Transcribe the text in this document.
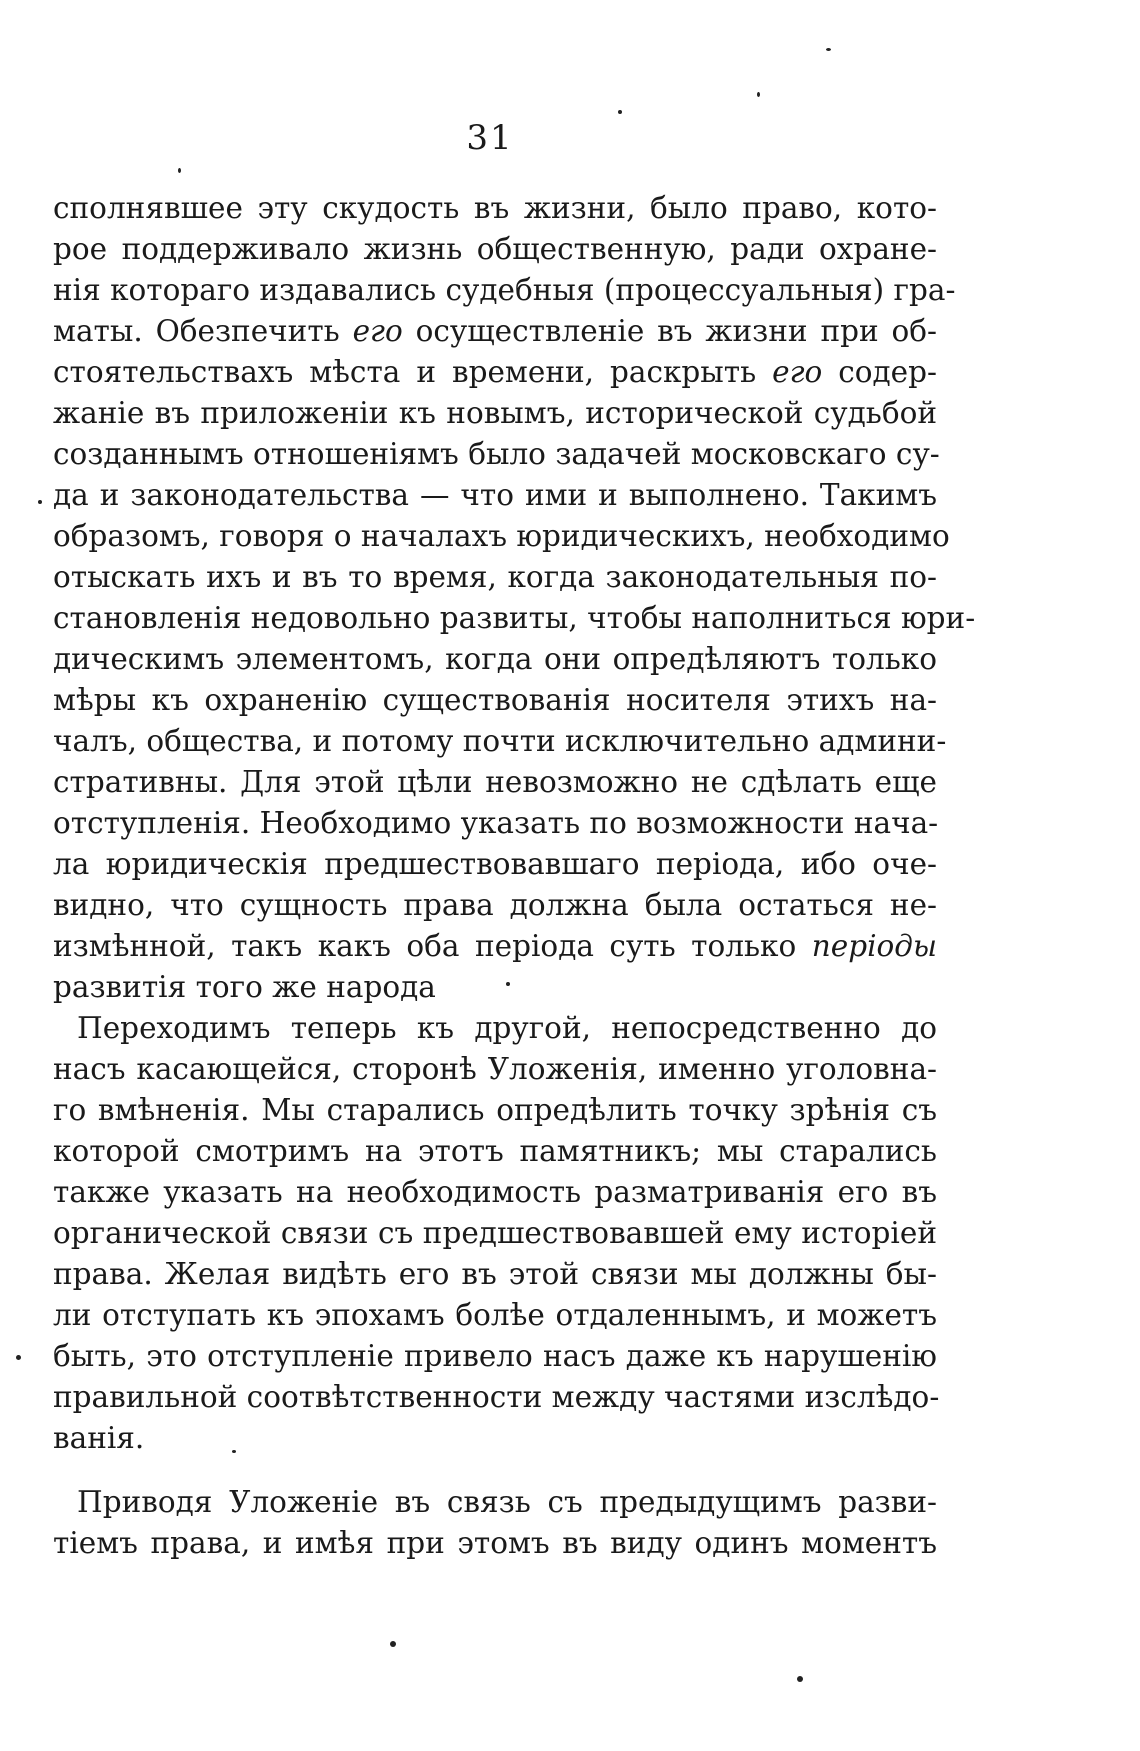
31
сполнявшее эту скудость въ жизни, было право, кото-
рое поддерживало жизнь общественную, ради охране-
нія котораго издавались судебныя (процессуальныя) гра-
маты. Обезпечить его осуществленіе въ жизни при об-
стоятельствахъ мѣста и времени, раскрыть его содер-
жаніе въ приложеніи къ новымъ, исторической судьбой
созданнымъ отношеніямъ было задачей московскаго су-
да и законодательства — что ими и выполнено. Такимъ
образомъ, говоря о началахъ юридическихъ, необходимо
отыскать ихъ и въ то время, когда законодательныя по-
становленія недовольно развиты, чтобы наполниться юри-
дическимъ элементомъ, когда они опредѣляютъ только
мѣры къ охраненію существованія носителя этихъ на-
чалъ, общества, и потому почти исключительно админи-
стративны. Для этой цѣли невозможно не сдѣлать еще
отступленія. Необходимо указать по возможности нача-
ла юридическія предшествовавшаго періода, ибо оче-
видно, что сущность права должна была остаться не-
измѣнной, такъ какъ оба періода суть только періоды
развитія того же народа
Переходимъ теперь къ другой, непосредственно до
насъ касающейся, сторонѣ Уложенія, именно уголовна-
го вмѣненія. Мы старались опредѣлить точку зрѣнія съ
которой смотримъ на этотъ памятникъ; мы старались
также указать на необходимость разматриванія его въ
органической связи съ предшествовавшей ему исторіей
права. Желая видѣть его въ этой связи мы должны бы-
ли отступать къ эпохамъ болѣе отдаленнымъ, и можетъ
быть, это отступленіе привело насъ даже къ нарушенію
правильной соотвѣтственности между частями изслѣдо-
ванія.
Приводя Уложеніе въ связь съ предыдущимъ разви-
тіемъ права, и имѣя при этомъ въ виду одинъ моментъ
